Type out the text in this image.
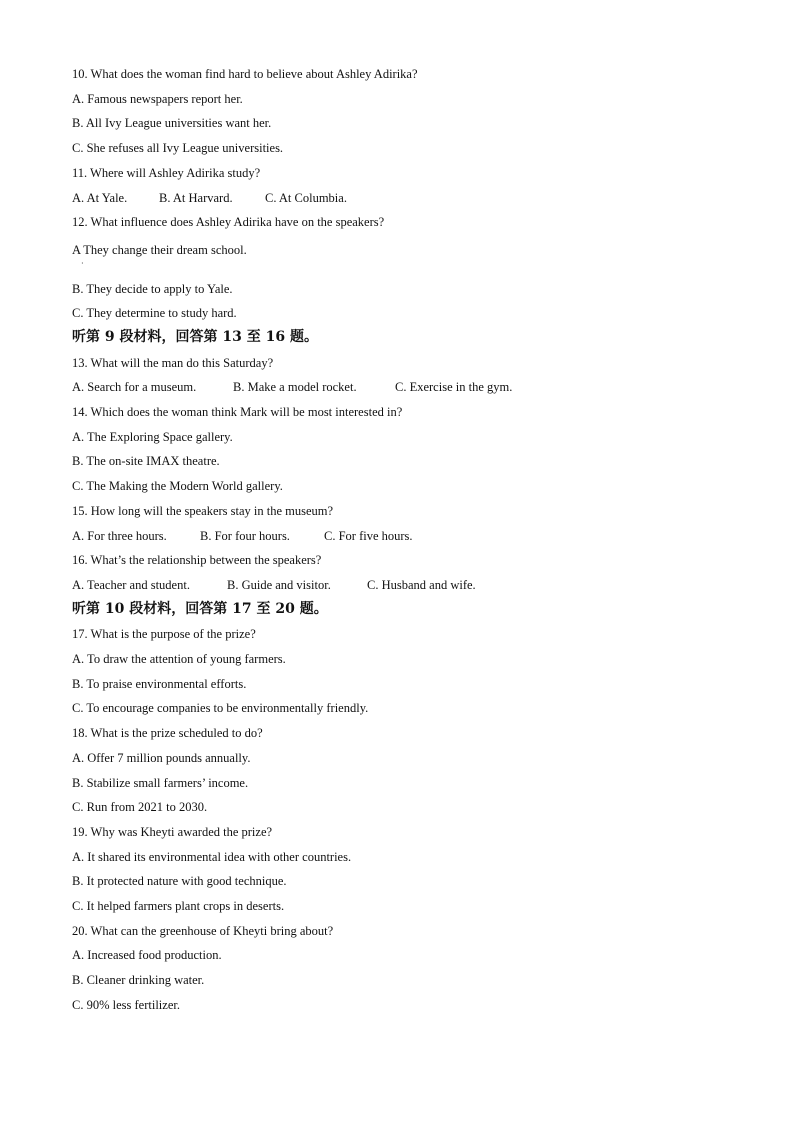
10. What does the woman find hard to believe about Ashley Adirika?
A. Famous newspapers report her.
B. All Ivy League universities want her.
C. She refuses all Ivy League universities.
11. Where will Ashley Adirika study?
A. At Yale.	B. At Harvard.	C. At Columbia.
12. What influence does Ashley Adirika have on the speakers?
A They change their dream school.
·
B. They decide to apply to Yale.
C. They determine to study hard.
听第 9 段材料，回答第 13 至 16 题。
13. What will the man do this Saturday?
A. Search for a museum.	B. Make a model rocket.	C. Exercise in the gym.
14. Which does the woman think Mark will be most interested in?
A. The Exploring Space gallery.
B. The on-site IMAX theatre.
C. The Making the Modern World gallery.
15. How long will the speakers stay in the museum?
A. For three hours.	B. For four hours.	C. For five hours.
16. What’s the relationship between the speakers?
A. Teacher and student.	B. Guide and visitor.	C. Husband and wife.
听第 10 段材料，回答第 17 至 20 题。
17. What is the purpose of the prize?
A. To draw the attention of young farmers.
B. To praise environmental efforts.
C. To encourage companies to be environmentally friendly.
18. What is the prize scheduled to do?
A. Offer 7 million pounds annually.
B. Stabilize small farmers’ income.
C. Run from 2021 to 2030.
19. Why was Kheyti awarded the prize?
A. It shared its environmental idea with other countries.
B. It protected nature with good technique.
C. It helped farmers plant crops in deserts.
20. What can the greenhouse of Kheyti bring about?
A. Increased food production.
B. Cleaner drinking water.
C. 90% less fertilizer.
